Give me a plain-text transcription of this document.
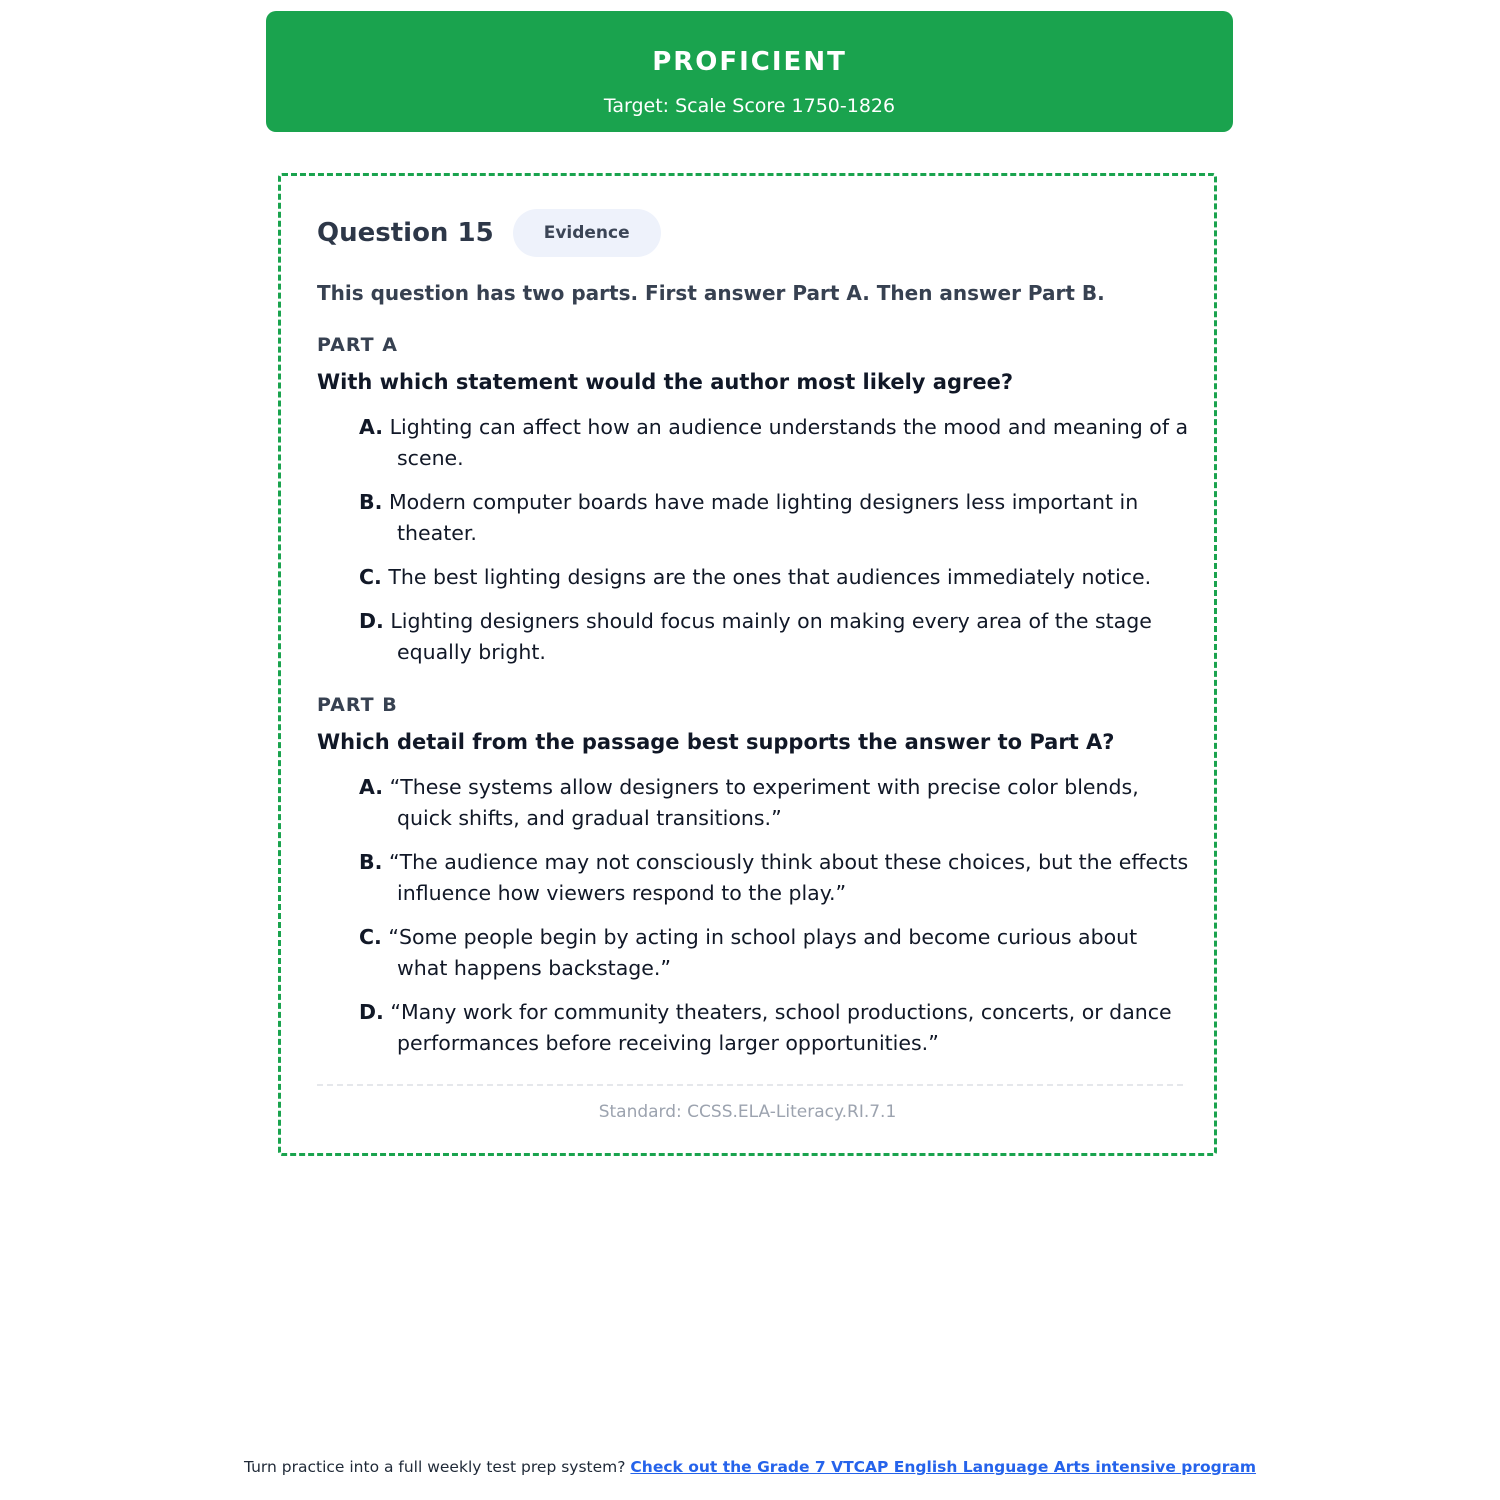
PROFICIENT
Target: Scale Score 1750-1826
Question 15	Evidence
This question has two parts. First answer Part A. Then answer Part B.
PART A
With which statement would the author most likely agree?
A. Lighting can affect how an audience understands the mood and meaning of a scene.
B. Modern computer boards have made lighting designers less important in theater.
C. The best lighting designs are the ones that audiences immediately notice.
D. Lighting designers should focus mainly on making every area of the stage equally bright.
PART B
Which detail from the passage best supports the answer to Part A?
A. “These systems allow designers to experiment with precise color blends, quick shifts, and gradual transitions.”
B. “The audience may not consciously think about these choices, but the effects influence how viewers respond to the play.”
C. “Some people begin by acting in school plays and become curious about what happens backstage.”
D. “Many work for community theaters, school productions, concerts, or dance performances before receiving larger opportunities.”
Standard: CCSS.ELA-Literacy.RI.7.1
Turn practice into a full weekly test prep system? Check out the Grade 7 VTCAP English Language Arts intensive program
